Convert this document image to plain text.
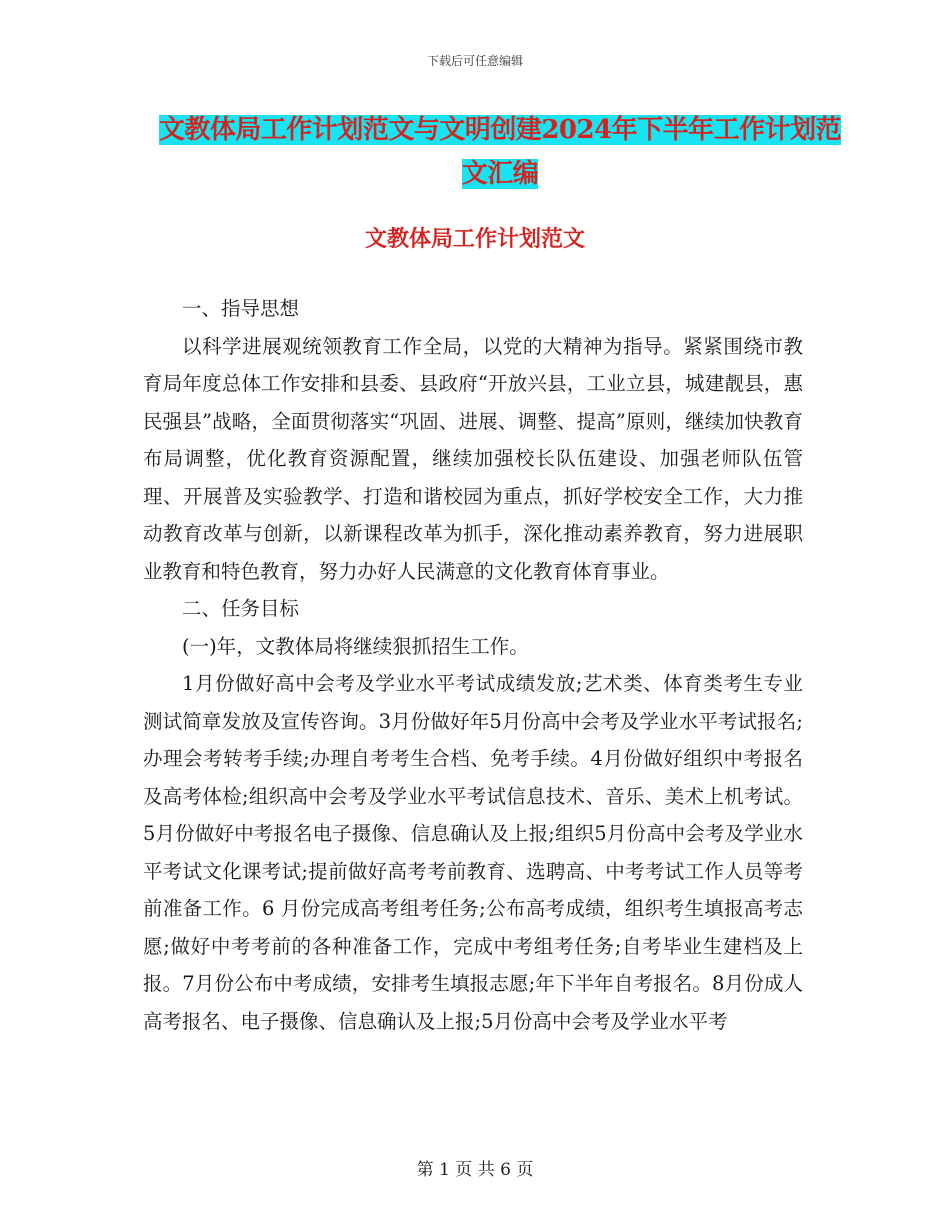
下载后可任意编辑
文教体局工作计划范文与文明创建2024年下半年工作计划范文汇编
文教体局工作计划范文

一、指导思想

以科学进展观统领教育工作全局，以党的大精神为指导。紧紧围绕市教育局年度总体工作安排和县委、县政府“开放兴县，工业立县，城建靓县，惠民强县”战略，全面贯彻落实“巩固、进展、调整、提高”原则，继续加快教育布局调整，优化教育资源配置，继续加强校长队伍建设、加强老师队伍管理、开展普及实验教学、打造和谐校园为重点，抓好学校安全工作，大力推动教育改革与创新，以新课程改革为抓手，深化推动素养教育，努力进展职业教育和特色教育，努力办好人民满意的文化教育体育事业。

二、任务目标

(一)年，文教体局将继续狠抓招生工作。

1月份做好高中会考及学业水平考试成绩发放;艺术类、体育类考生专业测试简章发放及宣传咨询。3月份做好年5月份高中会考及学业水平考试报名; 办理会考转考手续;办理自考考生合档、免考手续。4月份做好组织中考报名及高考体检;组织高中会考及学业水平考试信息技术、音乐、美术上机考试。5月份做好中考报名电子摄像、信息确认及上报;组织5月份高中会考及学业水平考试文化课考试;提前做好高考考前教育、选聘高、中考考试工作人员等考前准备工作。6 月份完成高考组考任务;公布高考成绩，组织考生填报高考志愿;做好中考考前的各种准备工作，完成中考组考任务;自考毕业生建档及上报。7月份公布中考成绩，安排考生填报志愿;年下半年自考报名。8月份成人高考报名、电子摄像、信息确认及上报;5月份高中会考及学业水平考

第 1 页 共 6 页
